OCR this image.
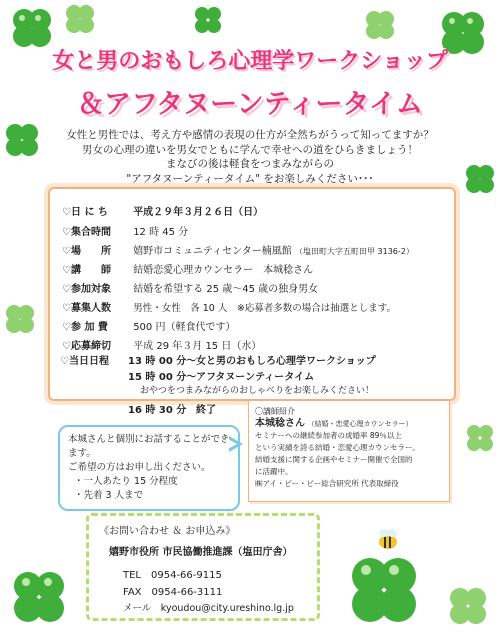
女と男のおもしろ心理学ワークショップ
＆アフタヌーンティータイム
女性と男性では、考え方や感情の表現の仕方が全然ちがうって知ってますか？
男女の心理の違いを男女でともに学んで幸せへの道をひらきましょう！
まなびの後は軽食をつまみながらの
"アフタヌーンティータイム" をお楽しみください･･･
♡日 に ち	平成２９年３月２６日（日）
♡集合時間 12 時 45 分
♡場　　所 嬉野市コミュニティセンター楠風館 （塩田町大字五町田甲 3136-2）
♡講　　師 結婚恋愛心理カウンセラー　本城稔さん
♡参加対象 結婚を希望する 25 歳～45 歳の独身男女
♡募集人数 男性・女性　各 10 人　※応募者多数の場合は抽選とします。
♡参 加 費	500 円（軽食代です）
♡応募締切 平成 29 年３月 15 日（水）
♡当日日程 13 時 00 分～ 女と男のおもしろ心理学ワークショップ
15 時 00 分～ アフタヌーンティータイム
おやつをつまみながらのおしゃべりをお楽しみください！
16 時 30 分 終了
本城さんと個別にお話することができます。
ご希望の方はお申し出ください。
・一人あたり 15 分程度
・先着 3 人まで
〇講師紹介
本城稔さん （結婚・恋愛心理カウンセラー）
セミナーへの継続参加者の成婚率 89％以上
という実績を誇る結婚・恋愛心理カウンセラー。
結婚支援に関する企画やセミナー開催で全国的
に活躍中。
㈱アイ・ピー・ビー総合研究所 代表取締役
《お問い合わせ ＆ お申込み》
嬉野市役所 市民協働推進課（塩田庁舎）
TEL　0954-66-9115
FAX　0954-66-3111
メール　kyoudou@city.ureshino.lg.jp
